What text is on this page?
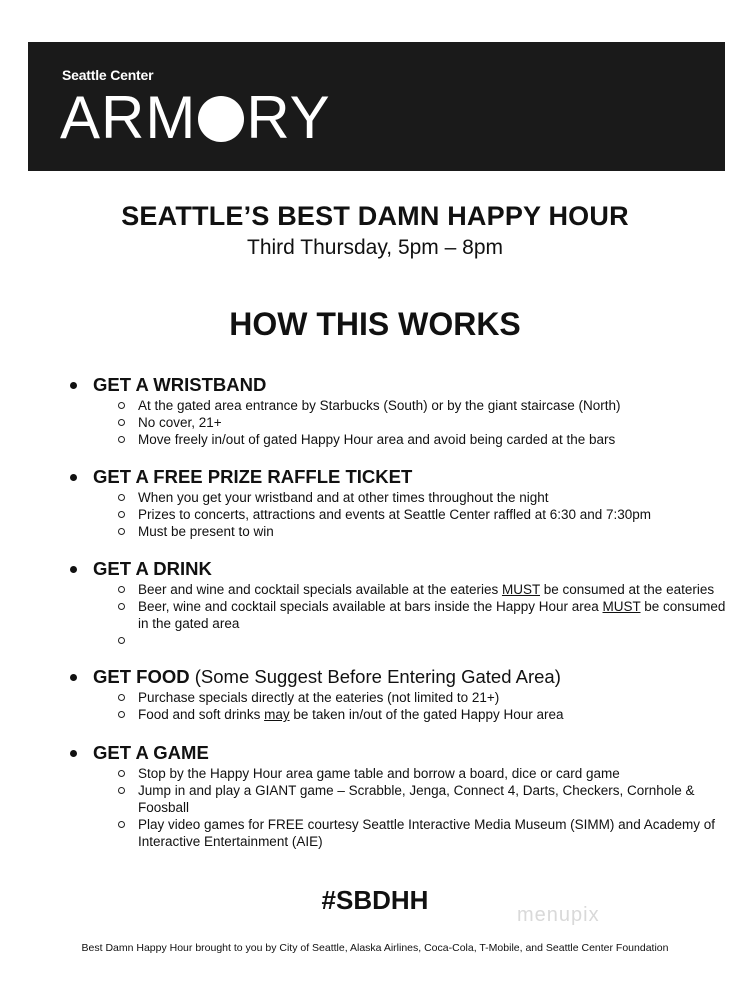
Seattle Center
ARM RY
SEATTLE’S BEST DAMN HAPPY HOUR
Third Thursday, 5pm – 8pm
HOW THIS WORKS
GET A WRISTBAND
At the gated area entrance by Starbucks (South) or by the giant staircase (North)
No cover, 21+
Move freely in/out of gated Happy Hour area and avoid being carded at the bars
GET A FREE PRIZE RAFFLE TICKET
When you get your wristband and at other times throughout the night
Prizes to concerts, attractions and events at Seattle Center raffled at 6:30 and 7:30pm
Must be present to win
GET A DRINK
Beer and wine and cocktail specials available at the eateries MUST be consumed at the eateries
Beer, wine and cocktail specials available at bars inside the Happy Hour area MUST be consumed in the gated area

GET FOOD (Some Suggest Before Entering Gated Area)
Purchase specials directly at the eateries (not limited to 21+)
Food and soft drinks may be taken in/out of the gated Happy Hour area
GET A GAME
Stop by the Happy Hour area game table and borrow a board, dice or card game
Jump in and play a GIANT game – Scrabble, Jenga, Connect 4, Darts, Checkers, Cornhole & Foosball
Play video games for FREE courtesy Seattle Interactive Media Museum (SIMM) and Academy of Interactive Entertainment (AIE)
#SBDHH	menupix
Best Damn Happy Hour brought to you by City of Seattle, Alaska Airlines, Coca-Cola, T-Mobile, and Seattle Center Foundation
